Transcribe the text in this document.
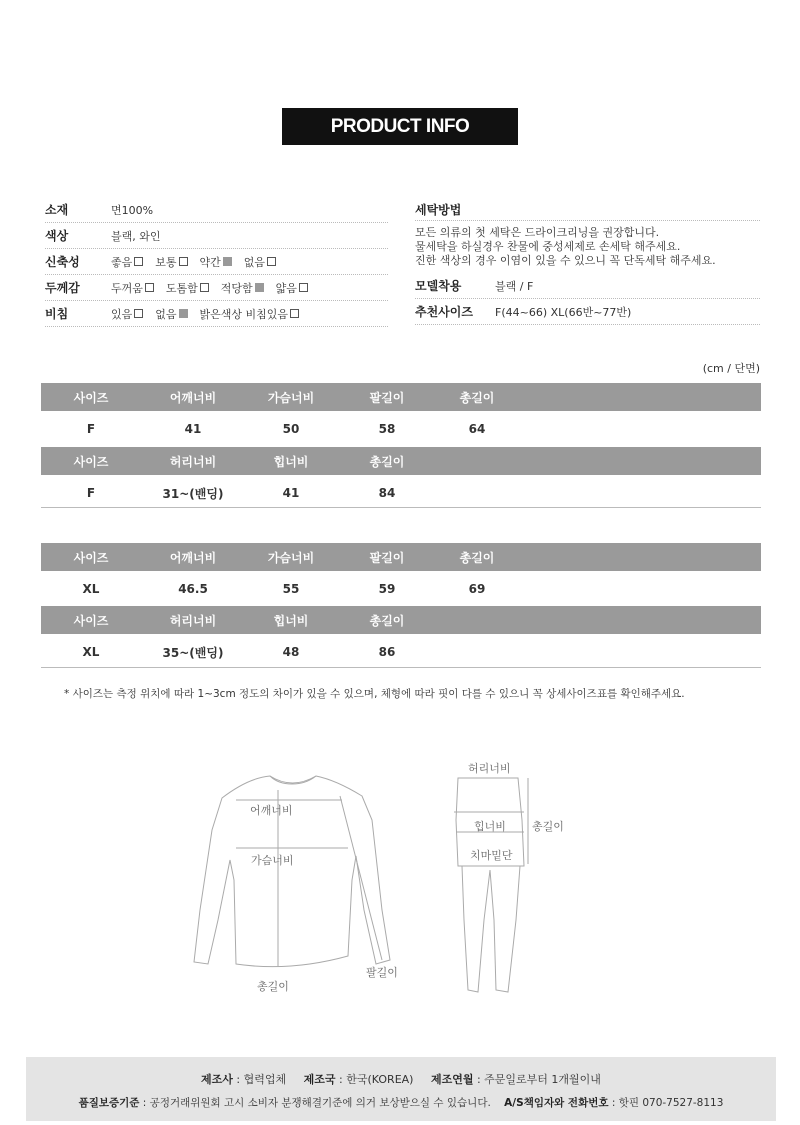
PRODUCT INFO
소재	면100%
색상	블랙, 와인
신축성	좋음 보통 약간 없음
두께감	두꺼움 도톰함 적당함 얇음
비침	있음 없음 밝은색상 비침있음
세탁방법
모든 의류의 첫 세탁은 드라이크리닝을 권장합니다.
물세탁을 하실경우 찬물에 중성세제로 손세탁 해주세요.
진한 색상의 경우 이염이 있을 수 있으니 꼭 단독세탁 해주세요.
모델착용	블랙 / F
추천사이즈	F(44~66) XL(66반~77반)
(cm / 단면)
사이즈	어깨너비	가슴너비	팔길이	총길이
F	41	50	58	64
사이즈	허리너비	힙너비	총길이
F	31~(밴딩)	41	84
사이즈	어깨너비	가슴너비	팔길이	총길이
XL	46.5	55	59	69
사이즈	허리너비	힙너비	총길이
XL	35~(밴딩)	48	86
* 사이즈는 측정 위치에 따라 1~3cm 정도의 차이가 있을 수 있으며, 체형에 따라 핏이 다를 수 있으니 꼭 상세사이즈표를 확인해주세요.
어깨너비
가슴너비
총길이
팔길이
허리너비
힙너비
치마밑단
총길이
제조사 : 협력업체 제조국 : 한국(KOREA) 제조연월 : 주문일로부터 1개월이내
품질보증기준 : 공정거래위원회 고시 소비자 분쟁해결기준에 의거 보상받으실 수 있습니다. A/S책임자와 전화번호 : 핫핀 070-7527-8113
